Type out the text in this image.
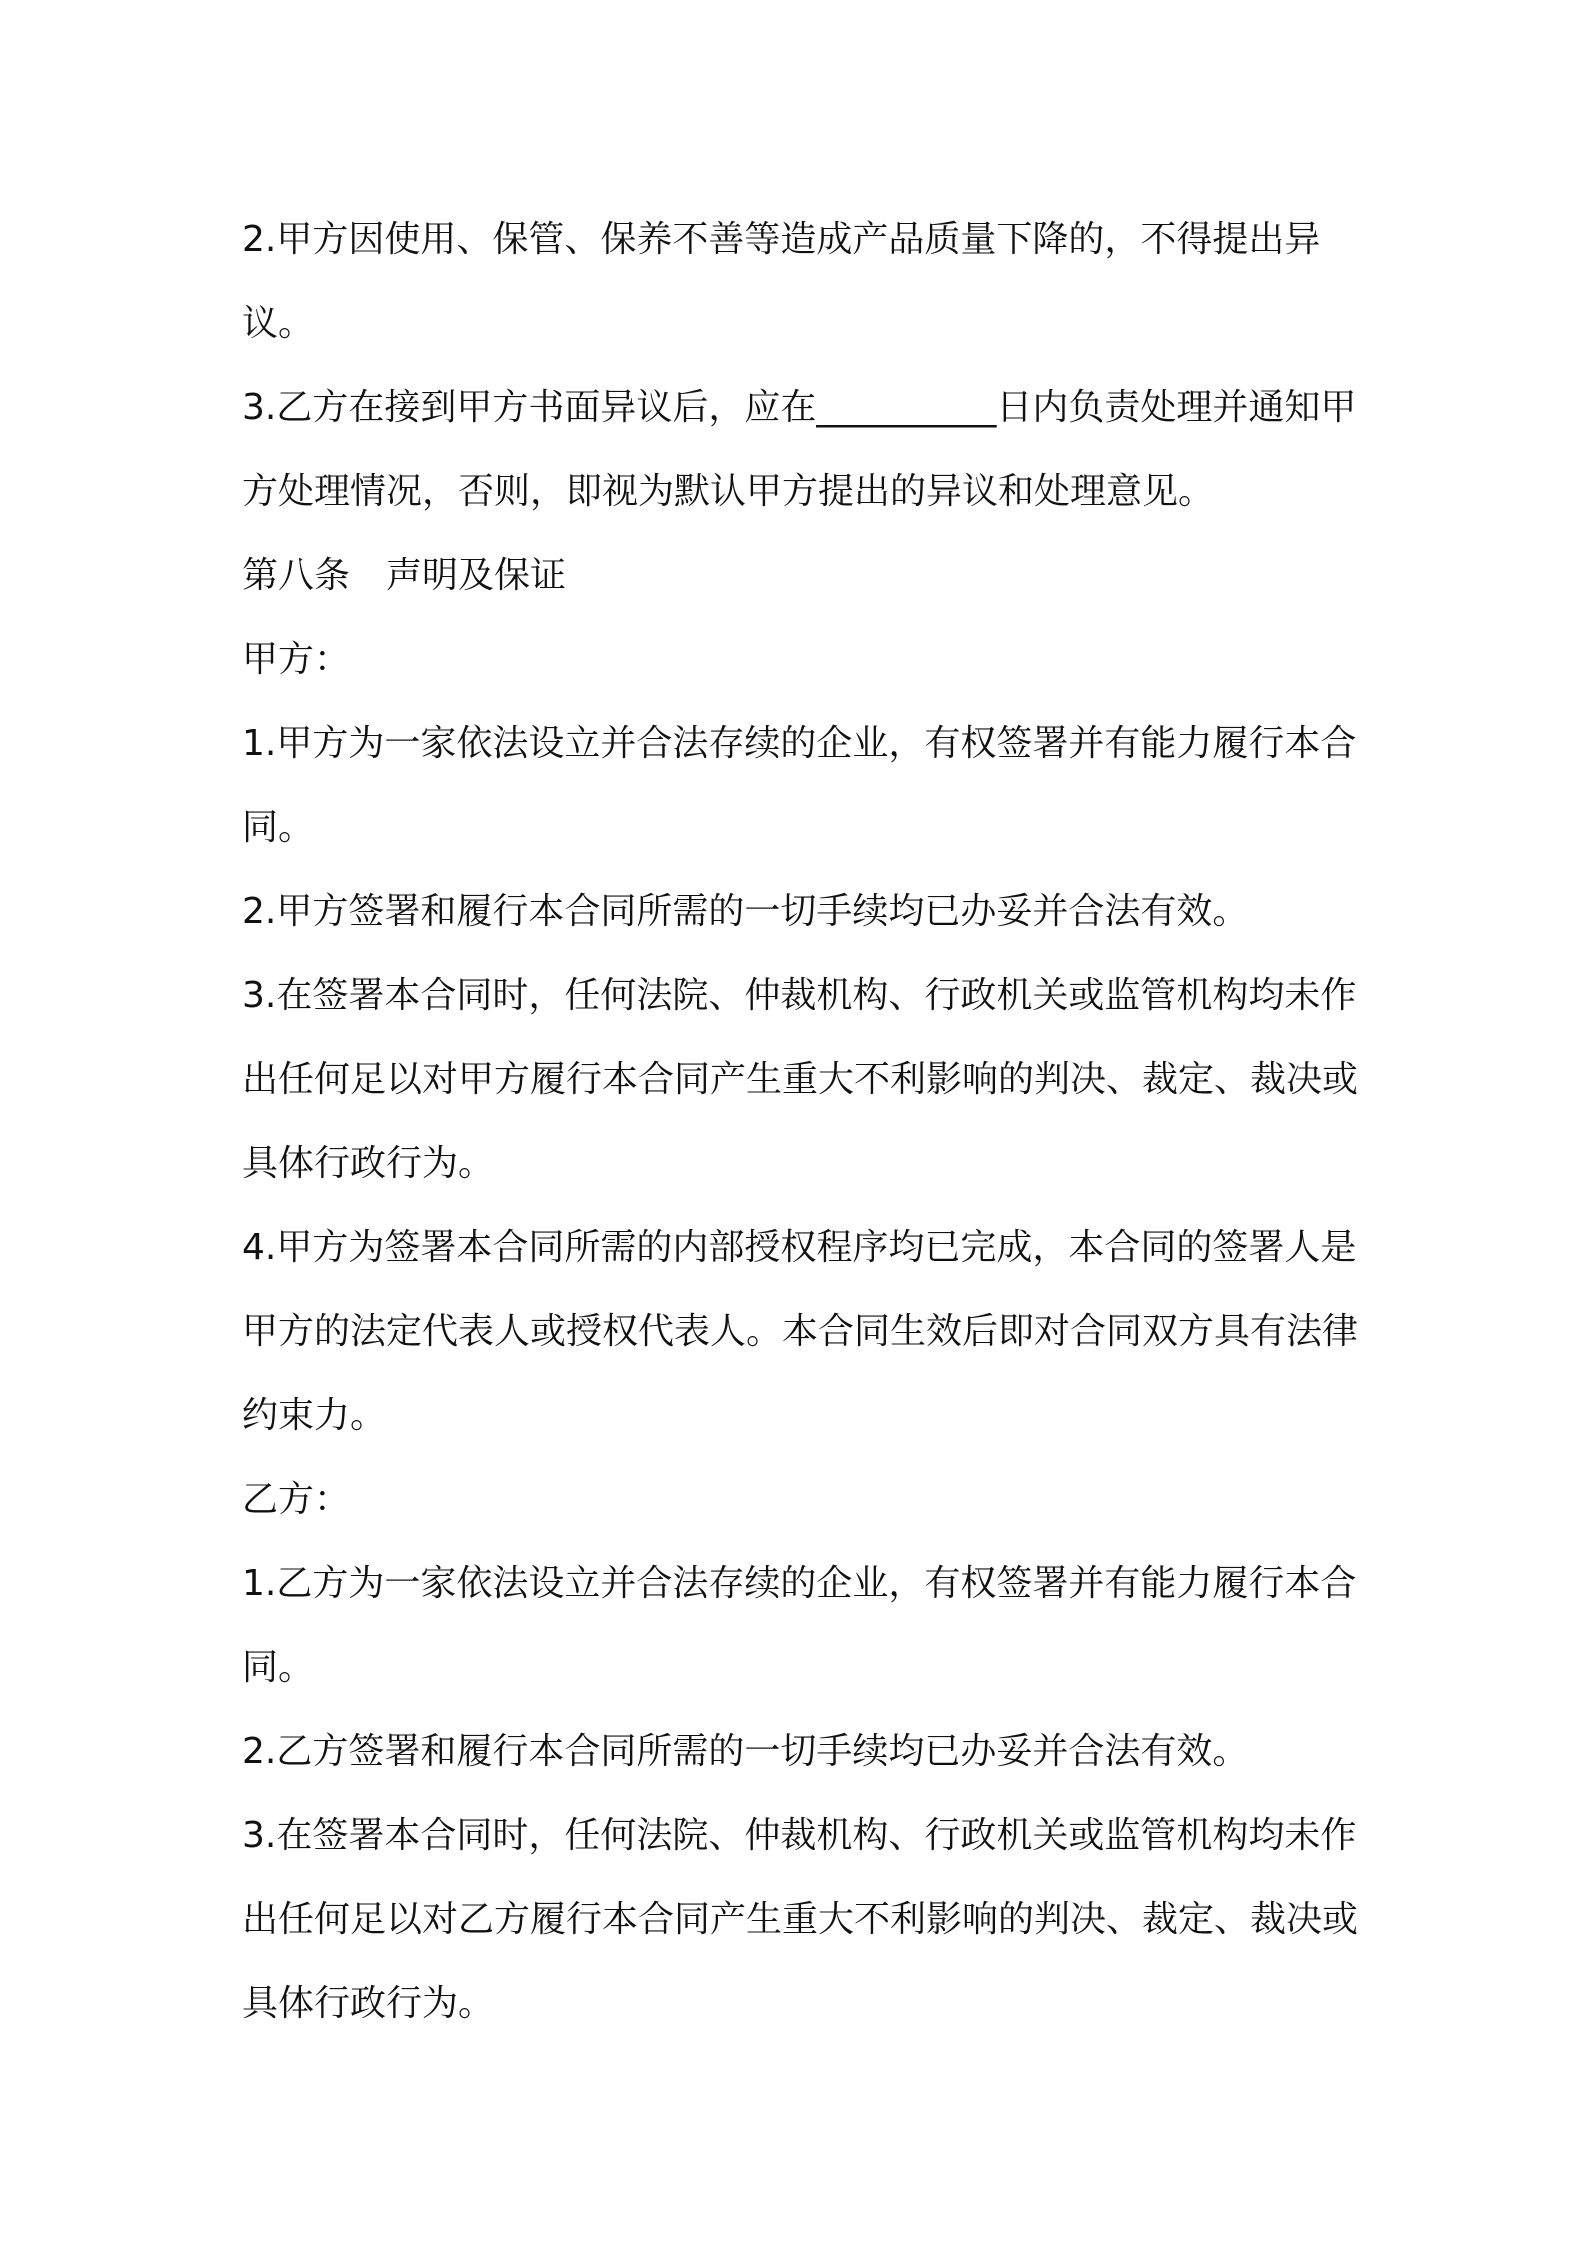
2.甲方因使用、保管、保养不善等造成产品质量下降的，不得提出异议。

3.乙方在接到甲方书面异议后，应在__________日内负责处理并通知甲方处理情况，否则，即视为默认甲方提出的异议和处理意见。

第八条　声明及保证

甲方：

1.甲方为一家依法设立并合法存续的企业，有权签署并有能力履行本合同。

2.甲方签署和履行本合同所需的一切手续均已办妥并合法有效。

3.在签署本合同时，任何法院、仲裁机构、行政机关或监管机构均未作出任何足以对甲方履行本合同产生重大不利影响的判决、裁定、裁决或具体行政行为。

4.甲方为签署本合同所需的内部授权程序均已完成，本合同的签署人是甲方的法定代表人或授权代表人。本合同生效后即对合同双方具有法律约束力。

乙方：

1.乙方为一家依法设立并合法存续的企业，有权签署并有能力履行本合同。

2.乙方签署和履行本合同所需的一切手续均已办妥并合法有效。

3.在签署本合同时，任何法院、仲裁机构、行政机关或监管机构均未作出任何足以对乙方履行本合同产生重大不利影响的判决、裁定、裁决或具体行政行为。
